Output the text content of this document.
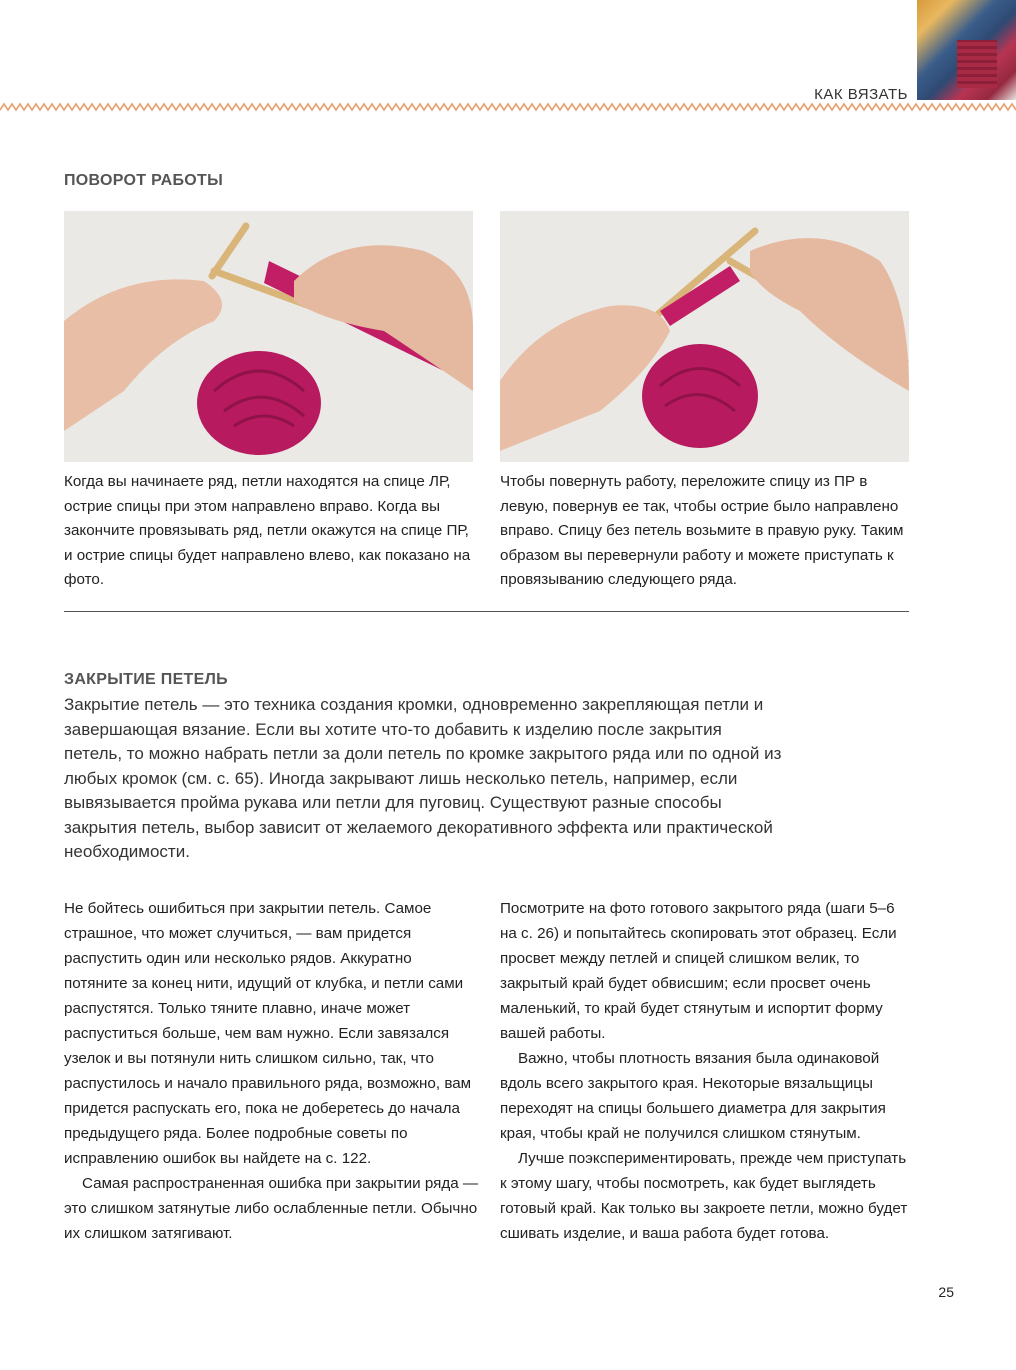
КАК ВЯЗАТЬ
ПОВОРОТ РАБОТЫ

Когда вы начинаете ряд, петли находятся на спице ЛР, острие спицы при этом направлено вправо. Когда вы закончите провязывать ряд, петли окажутся на спице ПР, и острие спицы будет направлено влево, как показано на фото.

Чтобы повернуть работу, переложите спицу из ПР в левую, повернув ее так, чтобы острие было направлено вправо. Спицу без петель возьмите в правую руку. Таким образом вы перевернули работу и можете приступать к провязыванию следующего ряда.

ЗАКРЫТИЕ ПЕТЕЛЬ

Закрытие петель — это техника создания кромки, одновременно закрепляющая петли и завершающая вязание. Если вы хотите что-то добавить к изделию после закрытия петель, то можно набрать петли за доли петель по кромке закрытого ряда или по одной из любых кромок (см. с. 65). Иногда закрывают лишь несколько петель, например, если вывязывается пройма рукава или петли для пуговиц. Существуют разные способы закрытия петель, выбор зависит от желаемого декоративного эффекта или практической необходимости.

Не бойтесь ошибиться при закрытии петель. Самое страшное, что может случиться, — вам придется распустить один или несколько рядов. Аккуратно потяните за конец нити, идущий от клубка, и петли сами распустятся. Только тяните плавно, иначе может распуститься больше, чем вам нужно. Если завязался узелок и вы потянули нить слишком сильно, так, что распустилось и начало правильного ряда, возможно, вам придется распускать его, пока не доберетесь до начала предыдущего ряда. Более подробные советы по исправлению ошибок вы найдете на с. 122.

Самая распространенная ошибка при закрытии ряда — это слишком затянутые либо ослабленные петли. Обычно их слишком затягивают.

Посмотрите на фото готового закрытого ряда (шаги 5–6 на с. 26) и попытайтесь скопировать этот образец. Если просвет между петлей и спицей слишком велик, то закрытый край будет обвисшим; если просвет очень маленький, то край будет стянутым и испортит форму вашей работы.

Важно, чтобы плотность вязания была одинаковой вдоль всего закрытого края. Некоторые вязальщицы переходят на спицы большего диаметра для закрытия края, чтобы край не получился слишком стянутым.

Лучше поэкспериментировать, прежде чем приступать к этому шагу, чтобы посмотреть, как будет выглядеть готовый край. Как только вы закроете петли, можно будет сшивать изделие, и ваша работа будет готова.

25
